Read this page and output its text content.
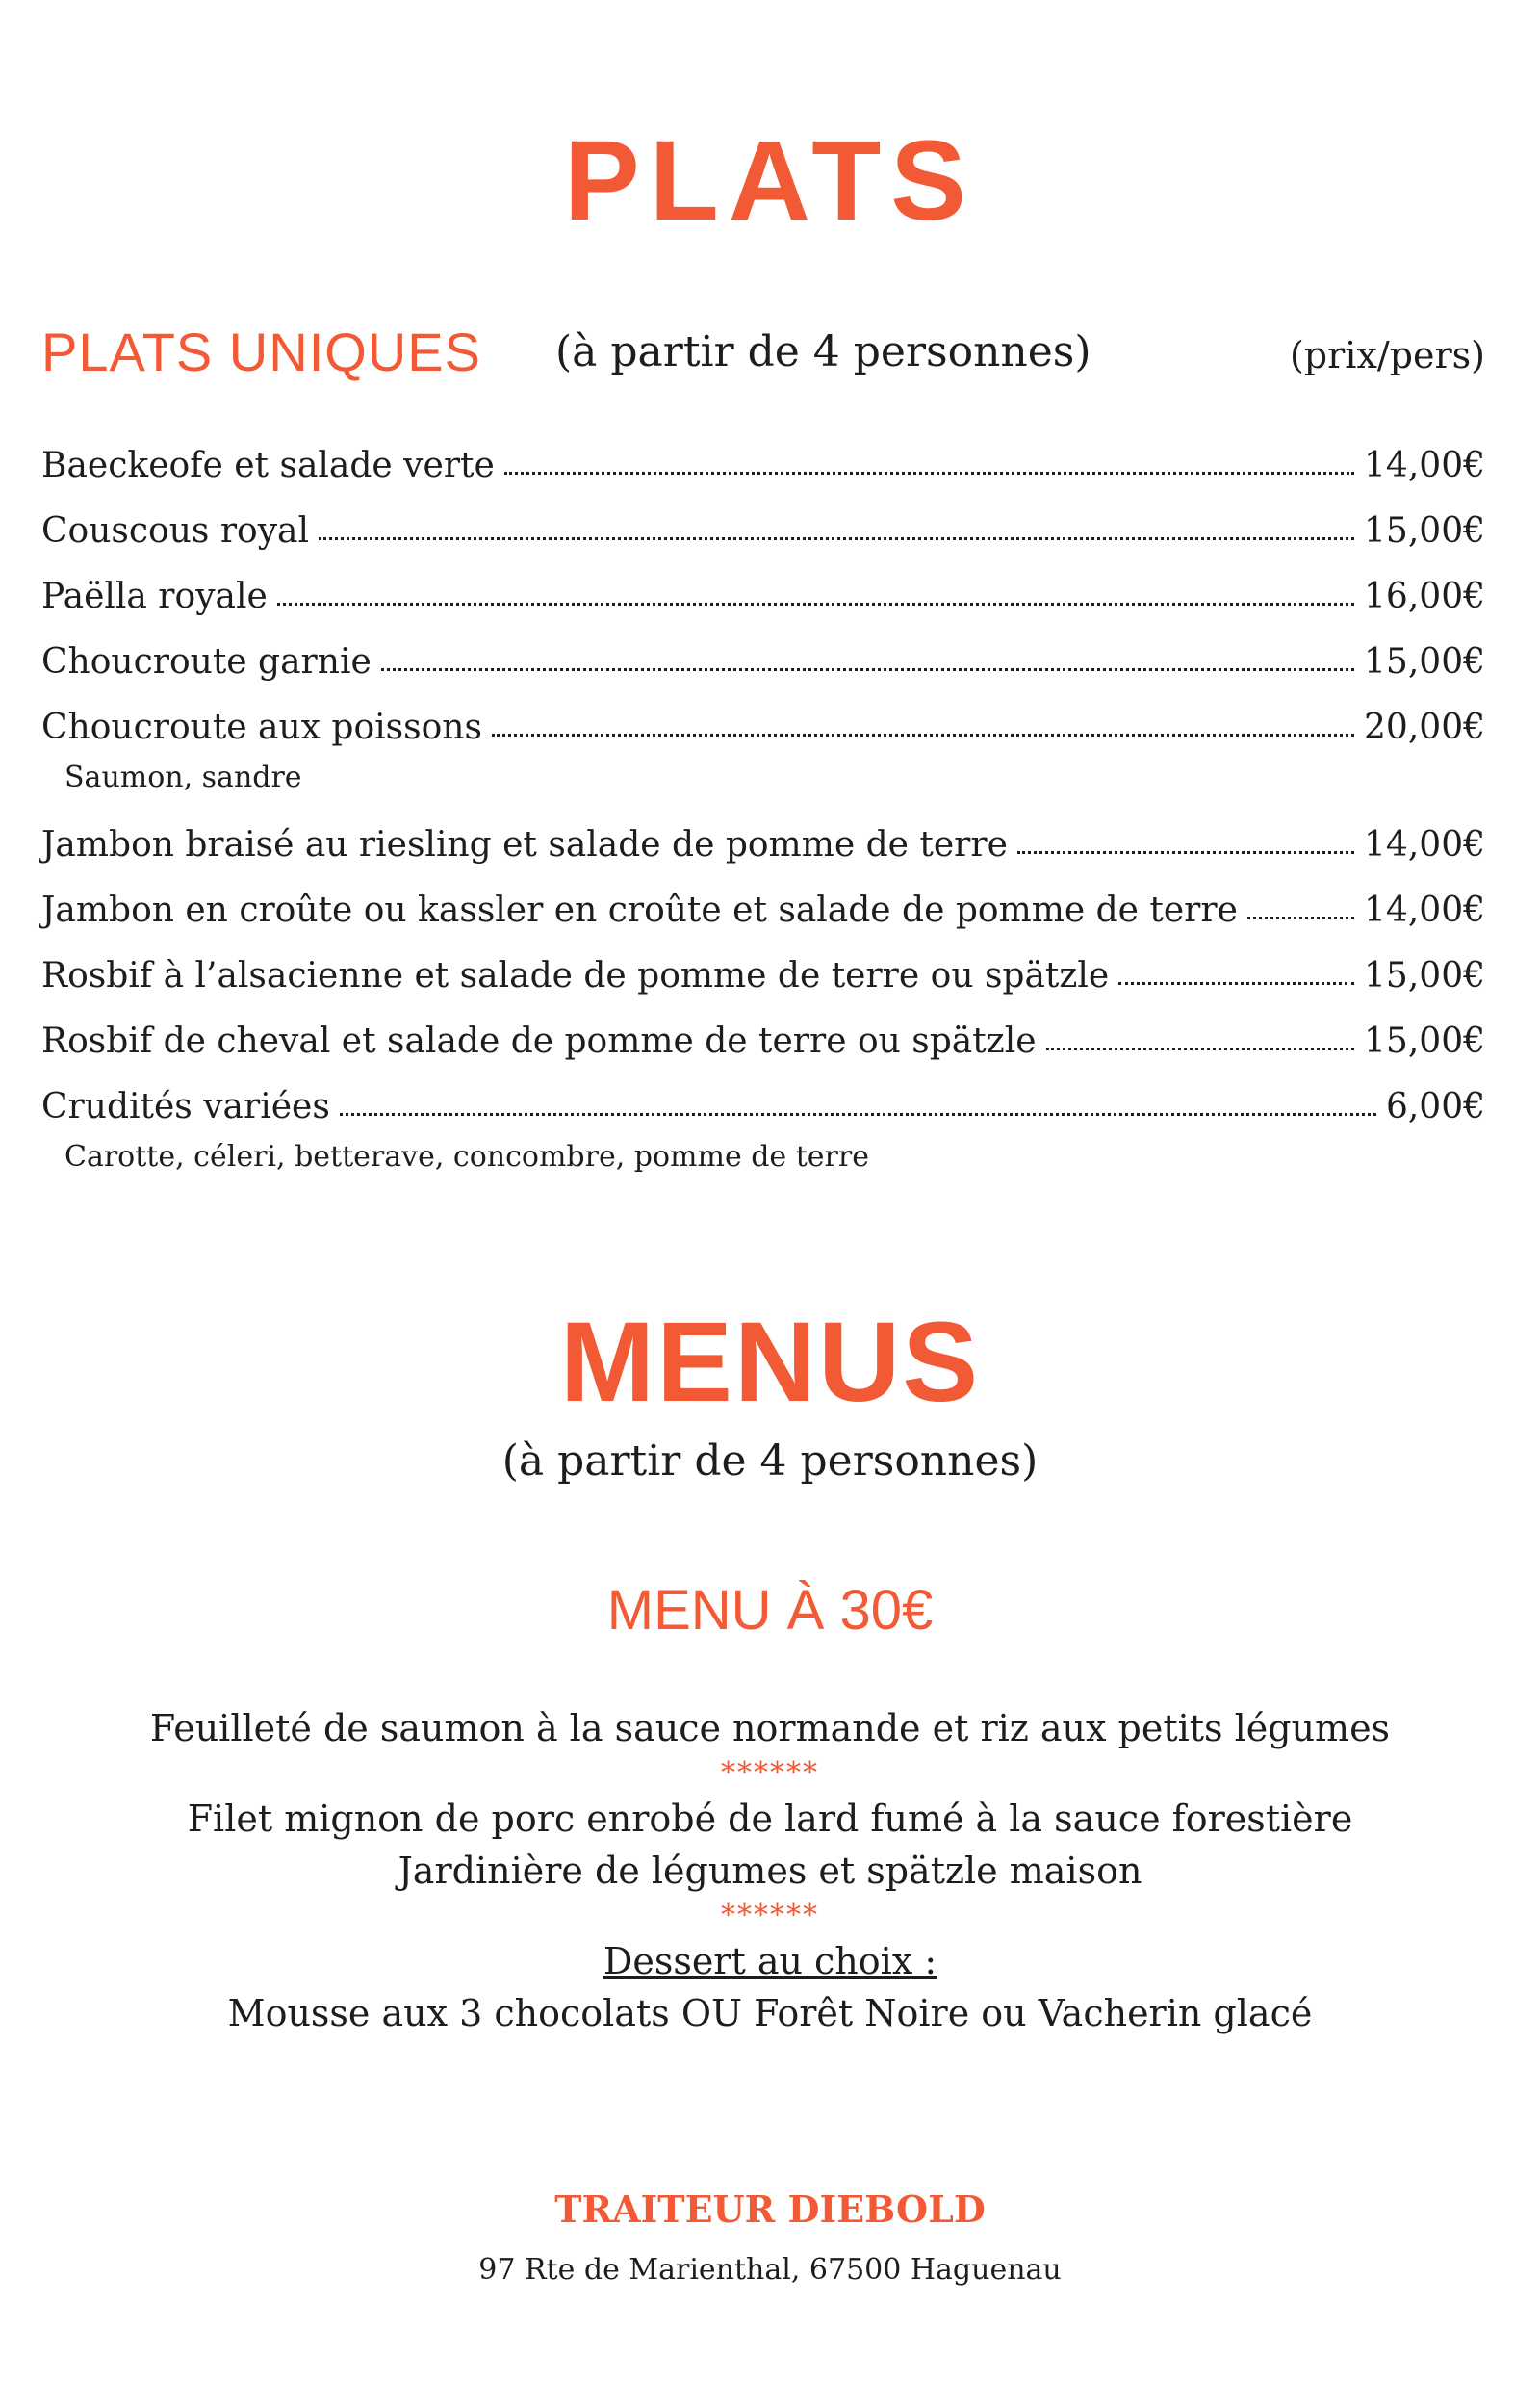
PLATS
PLATS UNIQUES (à partir de 4 personnes)	(prix/pers)
Baeckeofe et salade verte	14,00€
Couscous royal	15,00€
Paëlla royale	16,00€
Choucroute garnie	15,00€
Choucroute aux poissons	20,00€
Saumon, sandre
Jambon braisé au riesling et salade de pomme de terre	14,00€
Jambon en croûte ou kassler en croûte et salade de pomme de terre	14,00€
Rosbif à l’alsacienne et salade de pomme de terre ou spätzle	15,00€
Rosbif de cheval et salade de pomme de terre ou spätzle	15,00€
Crudités variées	6,00€
Carotte, céleri, betterave, concombre, pomme de terre
MENUS
(à partir de 4 personnes)
MENU À 30€
Feuilleté de saumon à la sauce normande et riz aux petits légumes
******
Filet mignon de porc enrobé de lard fumé à la sauce forestière
Jardinière de légumes et spätzle maison
******
Dessert au choix :
Mousse aux 3 chocolats OU Forêt Noire ou Vacherin glacé
TRAITEUR DIEBOLD
97 Rte de Marienthal, 67500 Haguenau
